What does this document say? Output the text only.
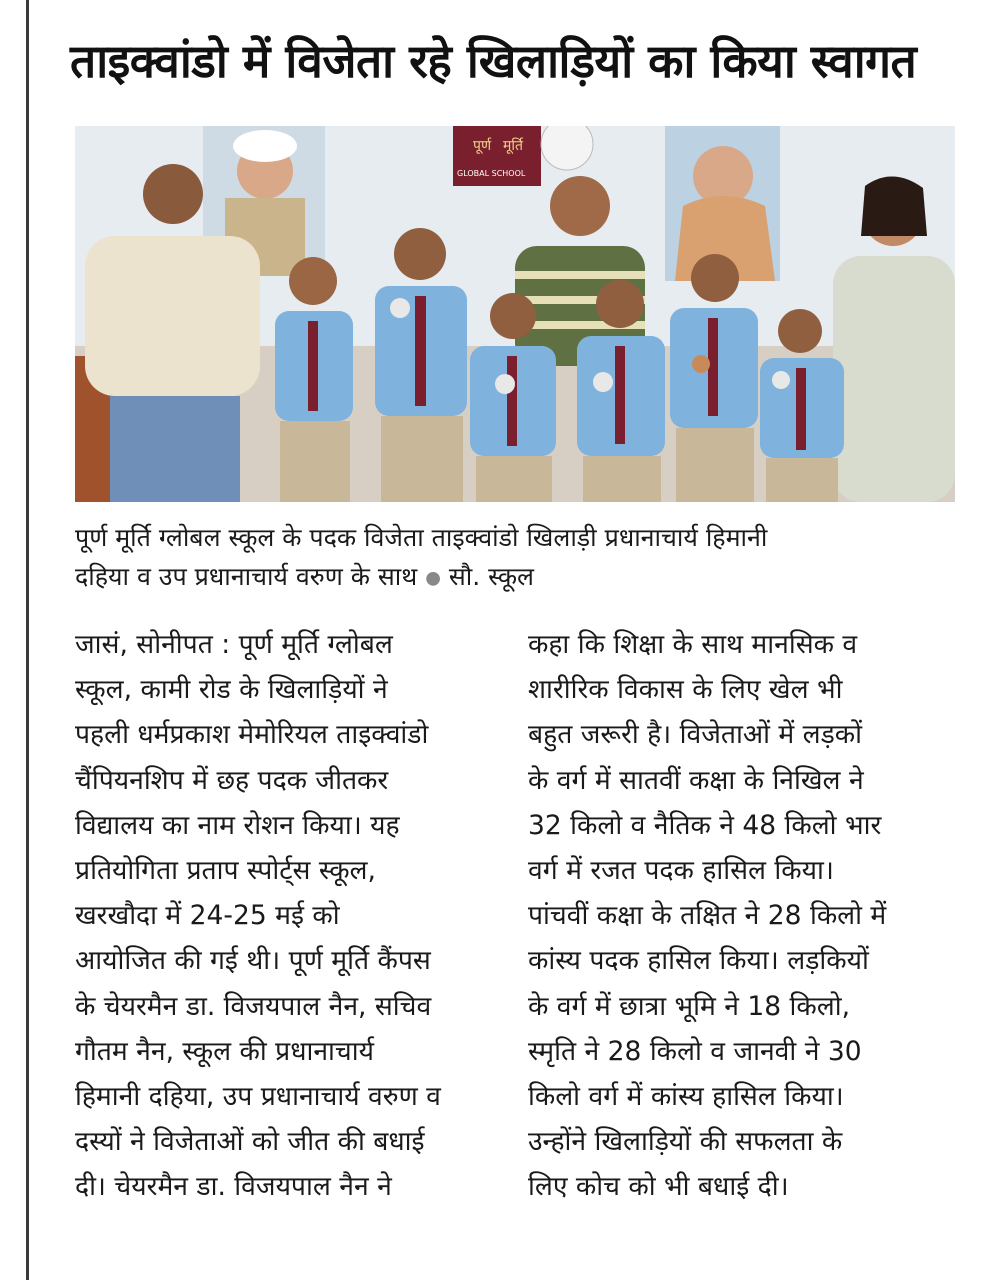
ताइक्वांडो में विजेता रहे खिलाड़ियों का किया स्वागत
पूर्ण मूर्ति
GLOBAL SCHOOL
पूर्ण मूर्ति ग्लोबल स्कूल के पदक विजेता ताइक्वांडो खिलाड़ी प्रधानाचार्य हिमानी
दहिया व उप प्रधानाचार्य वरुण के साथ ● सौ. स्कूल
जासं, सोनीपत : पूर्ण मूर्ति ग्लोबल
स्कूल, कामी रोड के खिलाड़ियों ने
पहली धर्मप्रकाश मेमोरियल ताइक्वांडो
चैंपियनशिप में छह पदक जीतकर
विद्यालय का नाम रोशन किया। यह
प्रतियोगिता प्रताप स्पोर्ट्स स्कूल,
खरखौदा में 24-25 मई को
आयोजित की गई थी। पूर्ण मूर्ति कैंपस
के चेयरमैन डा. विजयपाल नैन, सचिव
गौतम नैन, स्कूल की प्रधानाचार्य
हिमानी दहिया, उप प्रधानाचार्य वरुण व
दस्यों ने विजेताओं को जीत की बधाई
दी। चेयरमैन डा. विजयपाल नैन ने
कहा कि शिक्षा के साथ मानसिक व
शारीरिक विकास के लिए खेल भी
बहुत जरूरी है। विजेताओं में लड़कों
के वर्ग में सातवीं कक्षा के निखिल ने
32 किलो व नैतिक ने 48 किलो भार
वर्ग में रजत पदक हासिल किया।
पांचवीं कक्षा के तक्षित ने 28 किलो में
कांस्य पदक हासिल किया। लड़कियों
के वर्ग में छात्रा भूमि ने 18 किलो,
स्मृति ने 28 किलो व जानवी ने 30
किलो वर्ग में कांस्य हासिल किया।
उन्होंने खिलाड़ियों की सफलता के
लिए कोच को भी बधाई दी।
